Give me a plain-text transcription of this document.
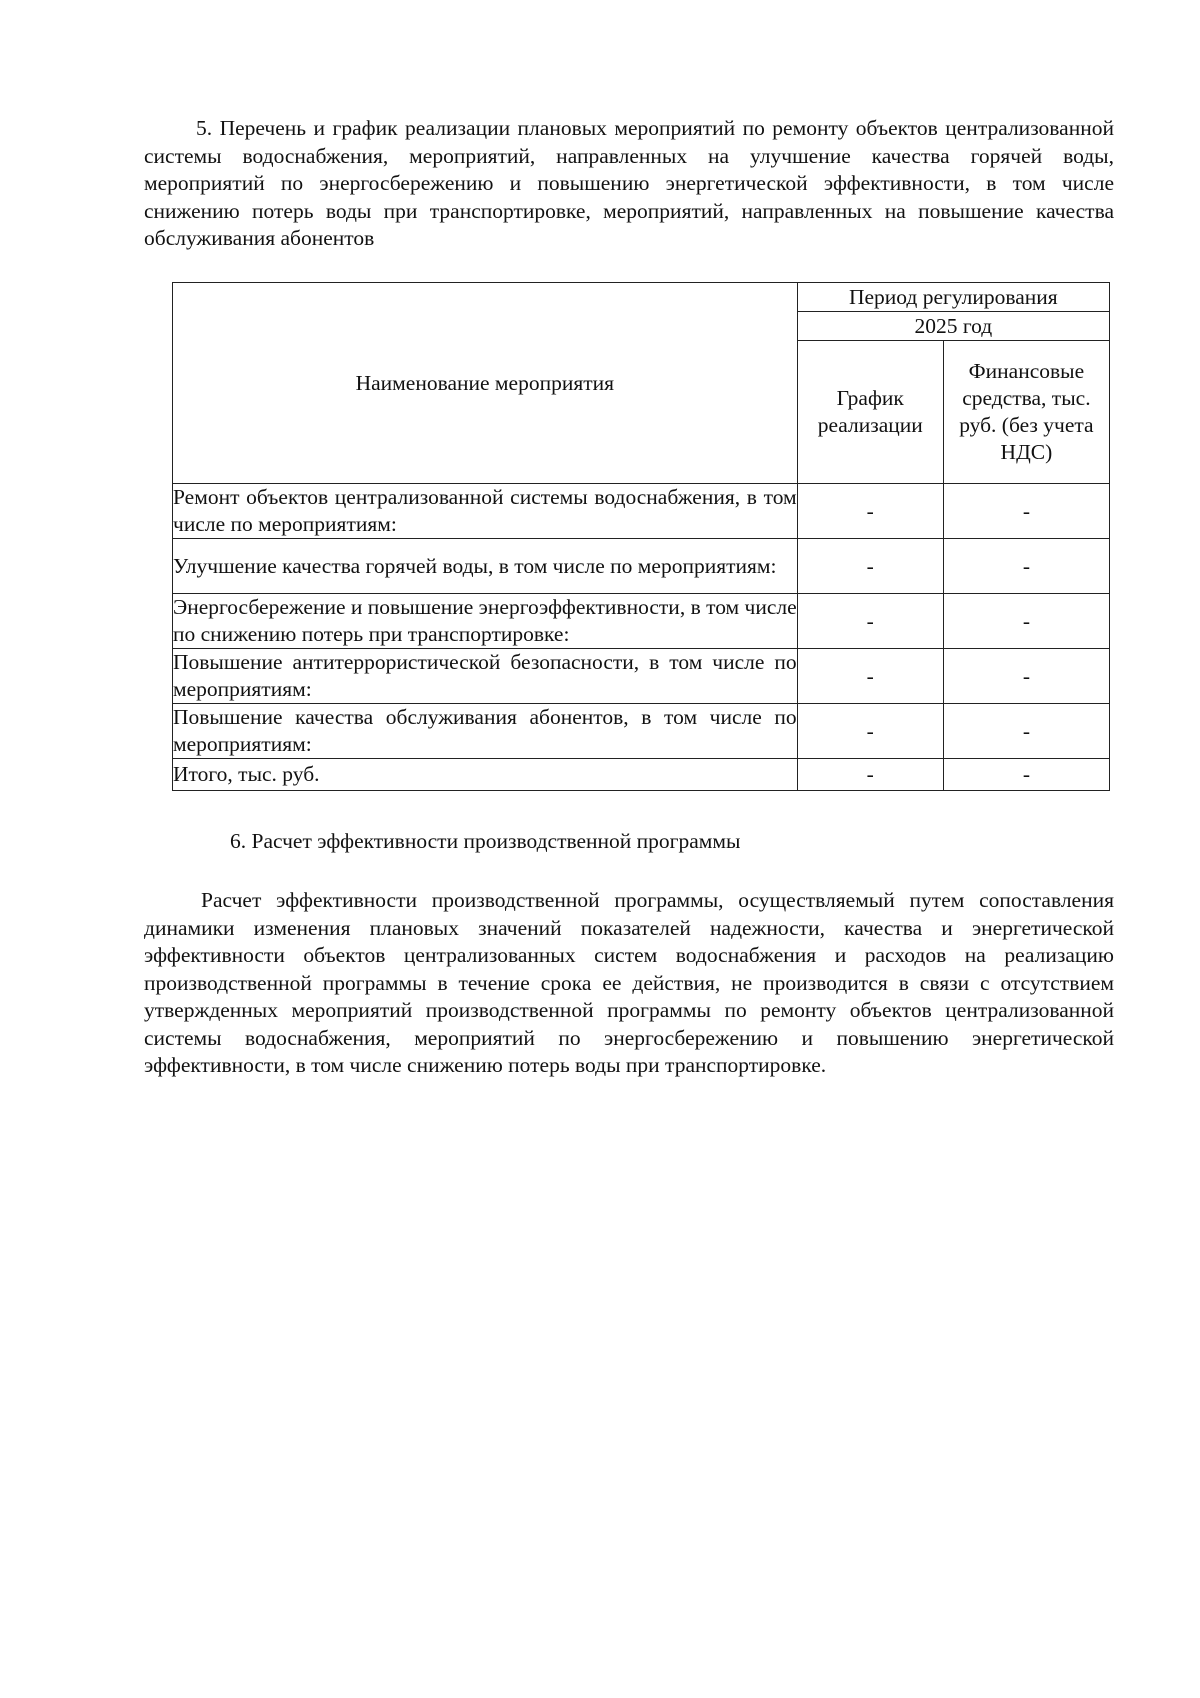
5. Перечень и график реализации плановых мероприятий по ремонту объектов централизованной системы водоснабжения, мероприятий, направленных на улучшение качества горячей воды, мероприятий по энергосбережению и повышению энергетической эффективности, в том числе снижению потерь воды при транспортировке, мероприятий, направленных на повышение качества обслуживания абонентов

Наименование мероприятия	Период регулирования	
	2025 год	
	График реализации	Финансовые средства, тыс. руб. (без учета НДС)
Ремонт объектов централизованной системы водоснабжения, в том числе по мероприятиям:	-	-
Улучшение качества горячей воды, в том числе по мероприятиям:	-	-
Энергосбережение и повышение энергоэффективности, в том числе по снижению потерь при транспортировке:	-	-
Повышение антитеррористической безопасности, в том числе по мероприятиям:	-	-
Повышение качества обслуживания абонентов, в том числе по мероприятиям:	-	-
Итого, тыс. руб.	-	-

6. Расчет эффективности производственной программы

Расчет эффективности производственной программы, осуществляемый путем сопоставления динамики изменения плановых значений показателей надежности, качества и энергетической эффективности объектов централизованных систем водоснабжения и расходов на реализацию производственной программы в течение срока ее действия, не производится в связи с отсутствием утвержденных мероприятий производственной программы по ремонту объектов централизованной системы водоснабжения, мероприятий по энергосбережению и повышению энергетической эффективности, в том числе снижению потерь воды при транспортировке.
